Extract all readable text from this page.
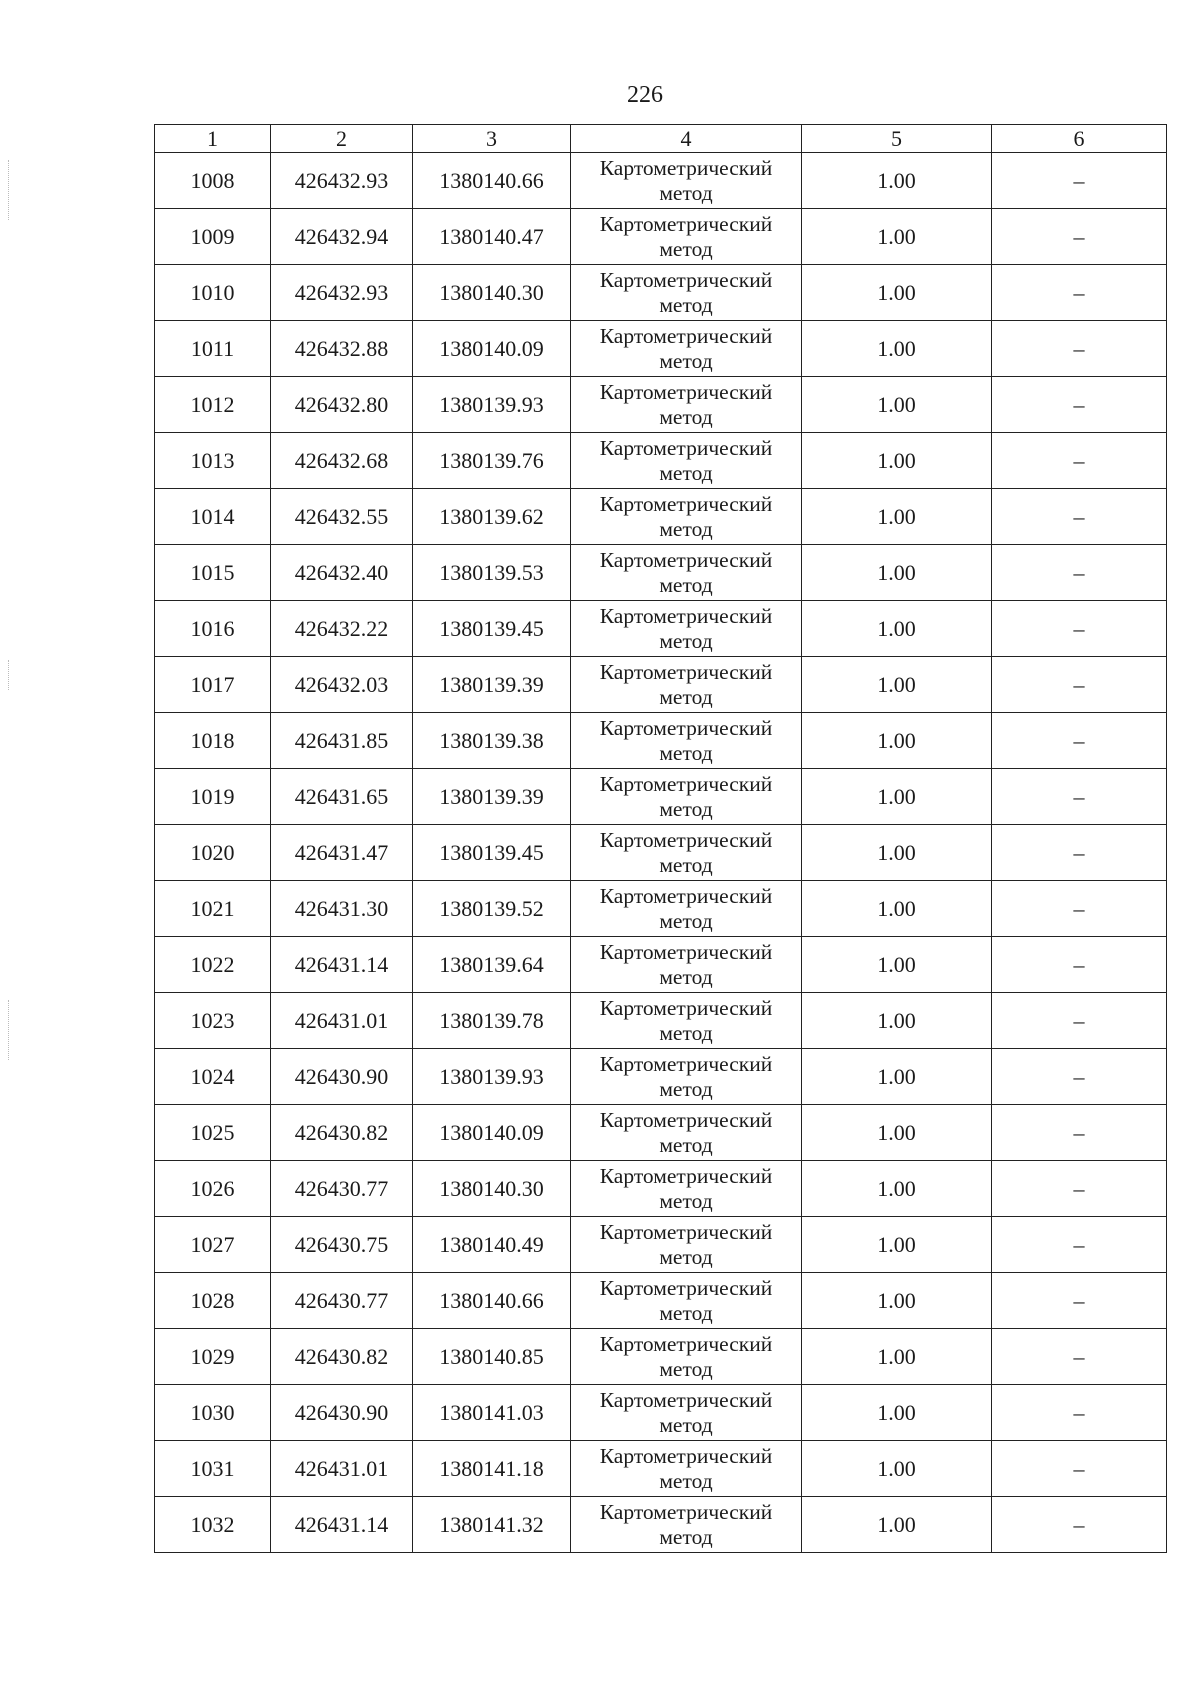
226
1	2	3	4	5	6
1008	426432.93	1380140.66	Картометрический
метод	1.00	–
1009	426432.94	1380140.47	Картометрический
метод	1.00	–
1010	426432.93	1380140.30	Картометрический
метод	1.00	–
1011	426432.88	1380140.09	Картометрический
метод	1.00	–
1012	426432.80	1380139.93	Картометрический
метод	1.00	–
1013	426432.68	1380139.76	Картометрический
метод	1.00	–
1014	426432.55	1380139.62	Картометрический
метод	1.00	–
1015	426432.40	1380139.53	Картометрический
метод	1.00	–
1016	426432.22	1380139.45	Картометрический
метод	1.00	–
1017	426432.03	1380139.39	Картометрический
метод	1.00	–
1018	426431.85	1380139.38	Картометрический
метод	1.00	–
1019	426431.65	1380139.39	Картометрический
метод	1.00	–
1020	426431.47	1380139.45	Картометрический
метод	1.00	–
1021	426431.30	1380139.52	Картометрический
метод	1.00	–
1022	426431.14	1380139.64	Картометрический
метод	1.00	–
1023	426431.01	1380139.78	Картометрический
метод	1.00	–
1024	426430.90	1380139.93	Картометрический
метод	1.00	–
1025	426430.82	1380140.09	Картометрический
метод	1.00	–
1026	426430.77	1380140.30	Картометрический
метод	1.00	–
1027	426430.75	1380140.49	Картометрический
метод	1.00	–
1028	426430.77	1380140.66	Картометрический
метод	1.00	–
1029	426430.82	1380140.85	Картометрический
метод	1.00	–
1030	426430.90	1380141.03	Картометрический
метод	1.00	–
1031	426431.01	1380141.18	Картометрический
метод	1.00	–
1032	426431.14	1380141.32	Картометрический
метод	1.00	–
